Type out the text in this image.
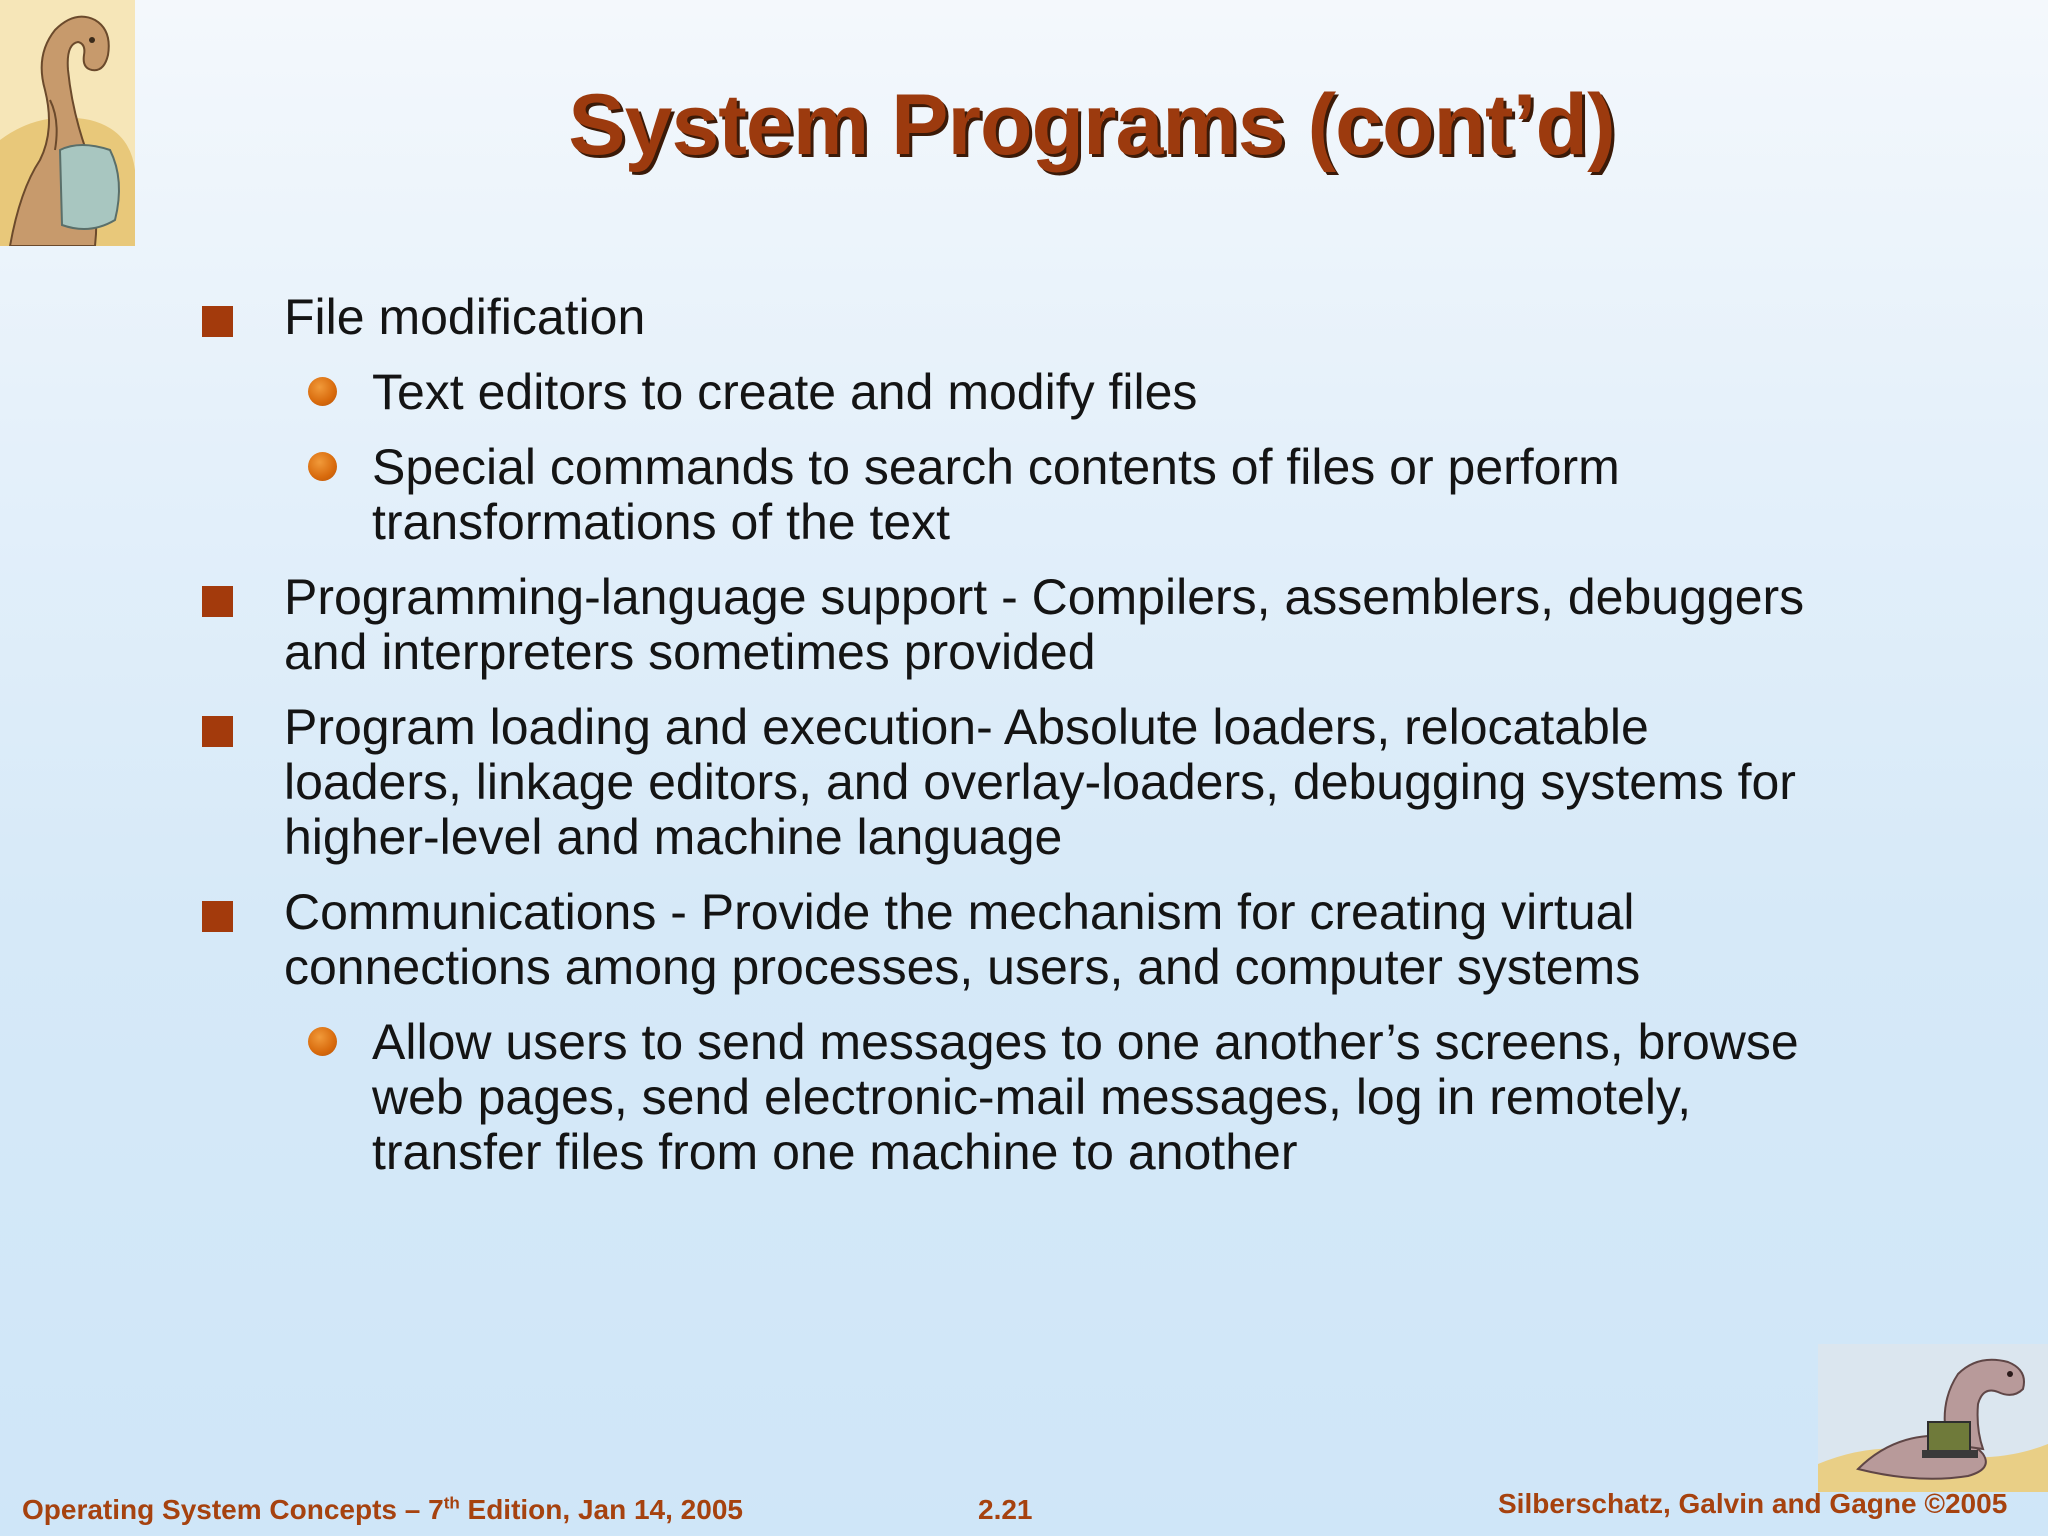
System Programs (cont’d)
File modification
Text editors to create and modify files
Special commands to search contents of files or perform transformations of the text
Programming-language support - Compilers, assemblers, debuggers and interpreters sometimes provided
Program loading and execution- Absolute loaders, relocatable loaders, linkage editors, and overlay-loaders, debugging systems for higher-level and machine language
Communications - Provide the mechanism for creating virtual connections among processes, users, and computer systems
Allow users to send messages to one another’s screens, browse web pages, send electronic-mail messages, log in remotely, transfer files from one machine to another
Operating System Concepts – 7th Edition, Jan 14, 2005	2.21	Silberschatz, Galvin and Gagne ©2005
